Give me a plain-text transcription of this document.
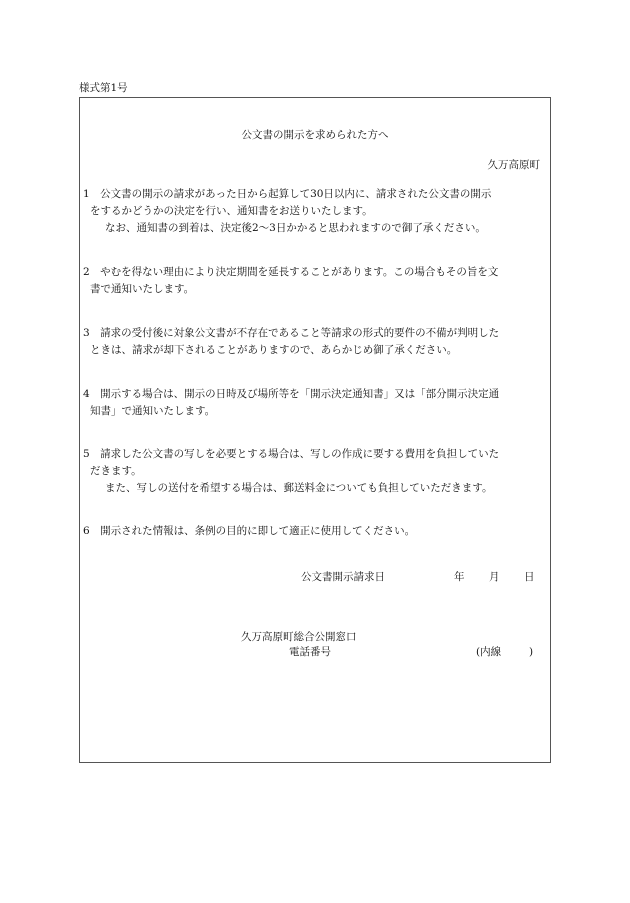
様式第1号
公文書の開示を求められた方へ
久万高原町
1　公文書の開示の請求があった日から起算して30日以内に、請求された公文書の開示
をするかどうかの決定を行い、通知書をお送りいたします。
なお、通知書の到着は、決定後2〜3日かかると思われますので御了承ください。
2　やむを得ない理由により決定期間を延長することがあります。この場合もその旨を文
書で通知いたします。
3　請求の受付後に対象公文書が不存在であること等請求の形式的要件の不備が判明した
ときは、請求が却下されることがありますので、あらかじめ御了承ください。
4　開示する場合は、開示の日時及び場所等を「開示決定通知書」又は「部分開示決定通
知書」で通知いたします。
5　請求した公文書の写しを必要とする場合は、写しの作成に要する費用を負担していた
だきます。
また、写しの送付を希望する場合は、郵送料金についても負担していただきます。
6　開示された情報は、条例の目的に即して適正に使用してください。
公文書開示請求日	年 月 日
久万高原町総合公開窓口
電話番号	(内線	)
